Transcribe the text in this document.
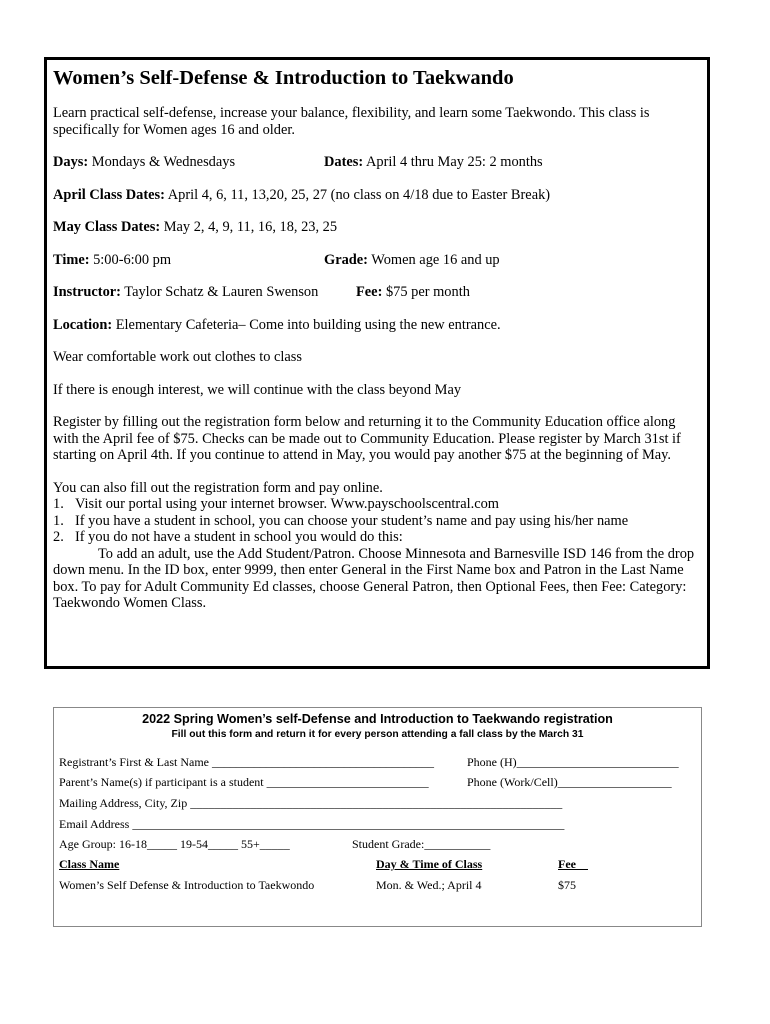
Women’s Self-Defense & Introduction to Taekwando
Learn practical self-defense, increase your balance, flexibility, and learn some Taekwondo. This class is specifically for Women ages 16 and older.
Days: Mondays & Wednesdays	Dates: April 4 thru May 25: 2 months
April Class Dates: April 4, 6, 11, 13,20, 25, 27 (no class on 4/18 due to Easter Break)
May Class Dates: May 2, 4, 9, 11, 16, 18, 23, 25
Time: 5:00-6:00 pm	Grade: Women age 16 and up
Instructor: Taylor Schatz & Lauren Swenson	Fee: $75 per month
Location: Elementary Cafeteria– Come into building using the new entrance.
Wear comfortable work out clothes to class
If there is enough interest, we will continue with the class beyond May
Register by filling out the registration form below and returning it to the Community Education office along with the April fee of $75. Checks can be made out to Community Education. Please register by March 31st if starting on April 4th. If you continue to attend in May, you would pay another $75 at the beginning of May.
You can also fill out the registration form and pay online.
1. Visit our portal using your internet browser. Www.payschoolscentral.com
1. If you have a student in school, you can choose your student’s name and pay using his/her name
2. If you do not have a student in school you would do this:
To add an adult, use the Add Student/Patron. Choose Minnesota and Barnesville ISD 146 from the drop down menu. In the ID box, enter 9999, then enter General in the First Name box and Patron in the Last Name box. To pay for Adult Community Ed classes, choose General Patron, then Optional Fees, then Fee: Category: Taekwondo Women Class.
2022 Spring Women’s self-Defense and Introduction to Taekwando registration
Fill out this form and return it for every person attending a fall class by the March 31
Registrant’s First & Last Name _____________________________________	Phone (H)___________________________
Parent’s Name(s) if participant is a student ___________________________	Phone (Work/Cell)___________________
Mailing Address, City, Zip ______________________________________________________________
Email Address ________________________________________________________________________
Age Group: 16-18_____ 19-54_____ 55+_____	Student Grade:___________
Class Name	Day & Time of Class	Fee
Women’s Self Defense & Introduction to Taekwondo	Mon. & Wed.; April 4	$75
